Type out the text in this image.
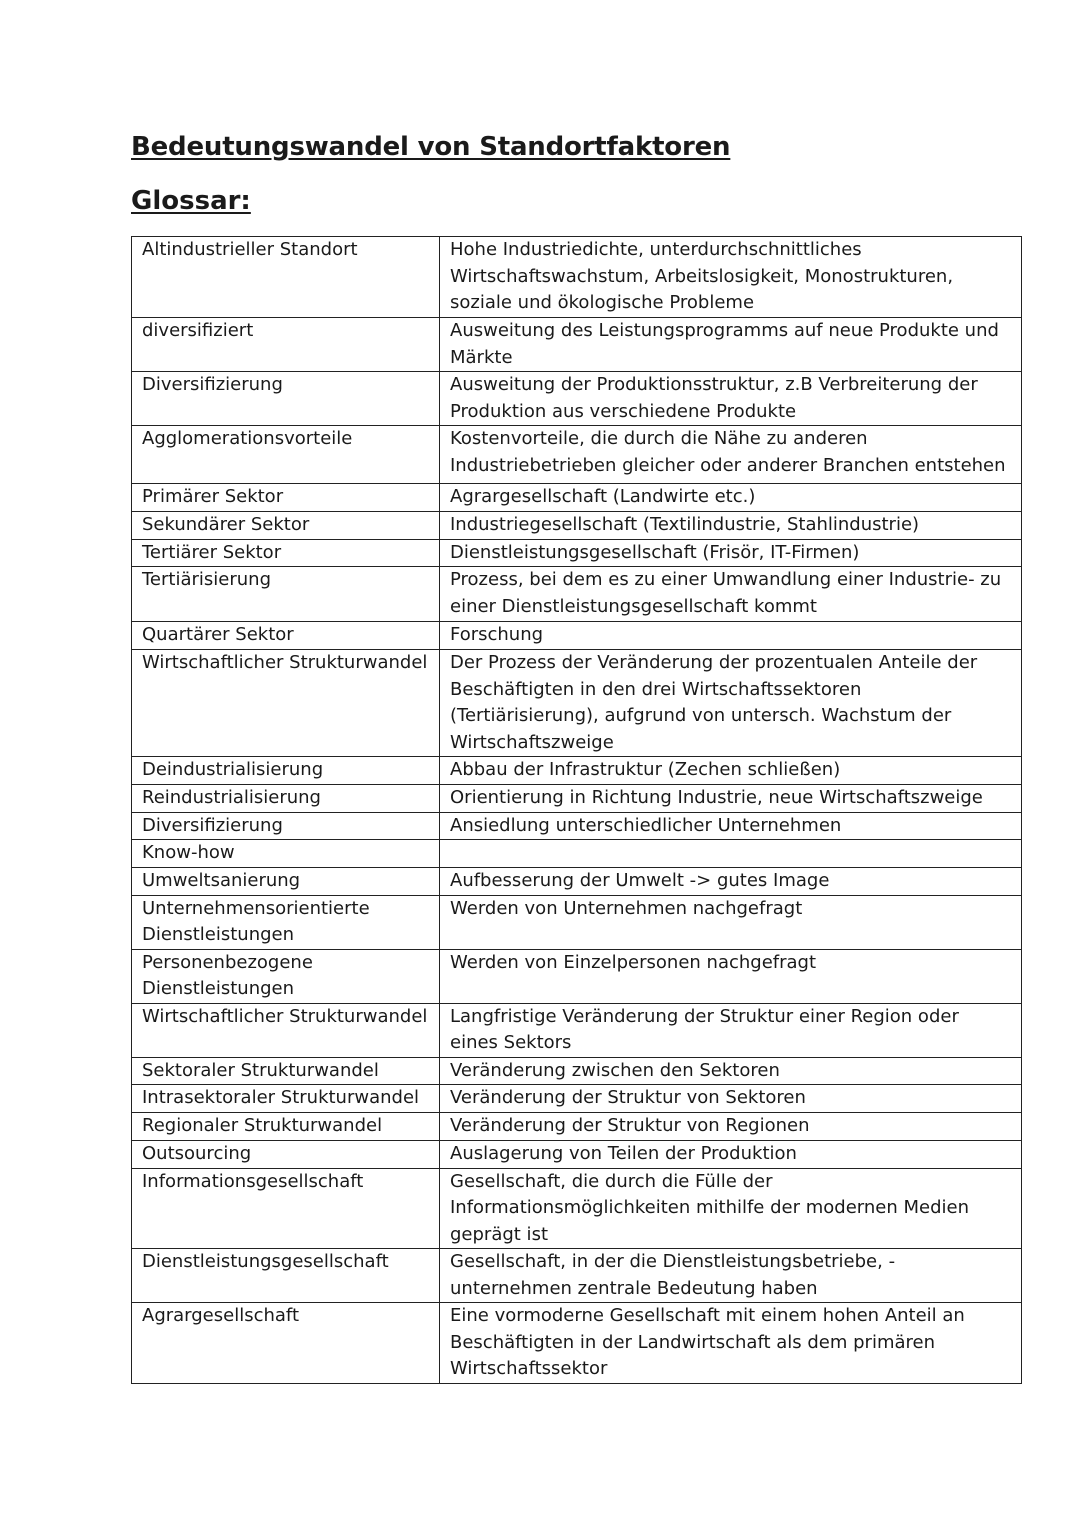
Bedeutungswandel von Standortfaktoren
Glossar:
Altindustrieller Standort	Hohe Industriedichte, unterdurchschnittliches Wirtschaftswachstum, Arbeitslosigkeit, Monostrukturen, soziale und ökologische Probleme
diversifiziert	Ausweitung des Leistungsprogramms auf neue Produkte und Märkte
Diversifizierung	Ausweitung der Produktionsstruktur, z.B Verbreiterung der Produktion aus verschiedene Produkte
Agglomerationsvorteile	Kostenvorteile, die durch die Nähe zu anderen Industriebetrieben gleicher oder anderer Branchen entstehen
Primärer Sektor	Agrargesellschaft (Landwirte etc.)
Sekundärer Sektor	Industriegesellschaft (Textilindustrie, Stahlindustrie)
Tertiärer Sektor	Dienstleistungsgesellschaft (Frisör, IT-Firmen)
Tertiärisierung	Prozess, bei dem es zu einer Umwandlung einer Industrie- zu einer Dienstleistungsgesellschaft kommt
Quartärer Sektor	Forschung
Wirtschaftlicher Strukturwandel	Der Prozess der Veränderung der prozentualen Anteile der Beschäftigten in den drei Wirtschaftssektoren (Tertiärisierung), aufgrund von untersch. Wachstum der Wirtschaftszweige
Deindustrialisierung	Abbau der Infrastruktur (Zechen schließen)
Reindustrialisierung	Orientierung in Richtung Industrie, neue Wirtschaftszweige
Diversifizierung	Ansiedlung unterschiedlicher Unternehmen
Know-how	
Umweltsanierung	Aufbesserung der Umwelt -> gutes Image
Unternehmensorientierte Dienstleistungen	Werden von Unternehmen nachgefragt
Personenbezogene Dienstleistungen	Werden von Einzelpersonen nachgefragt
Wirtschaftlicher Strukturwandel	Langfristige Veränderung der Struktur einer Region oder eines Sektors
Sektoraler Strukturwandel	Veränderung zwischen den Sektoren
Intrasektoraler Strukturwandel	Veränderung der Struktur von Sektoren
Regionaler Strukturwandel	Veränderung der Struktur von Regionen
Outsourcing	Auslagerung von Teilen der Produktion
Informationsgesellschaft	Gesellschaft, die durch die Fülle der Informationsmöglichkeiten mithilfe der modernen Medien geprägt ist
Dienstleistungsgesellschaft	Gesellschaft, in der die Dienstleistungsbetriebe, - unternehmen zentrale Bedeutung haben
Agrargesellschaft	Eine vormoderne Gesellschaft mit einem hohen Anteil an Beschäftigten in der Landwirtschaft als dem primären Wirtschaftssektor
